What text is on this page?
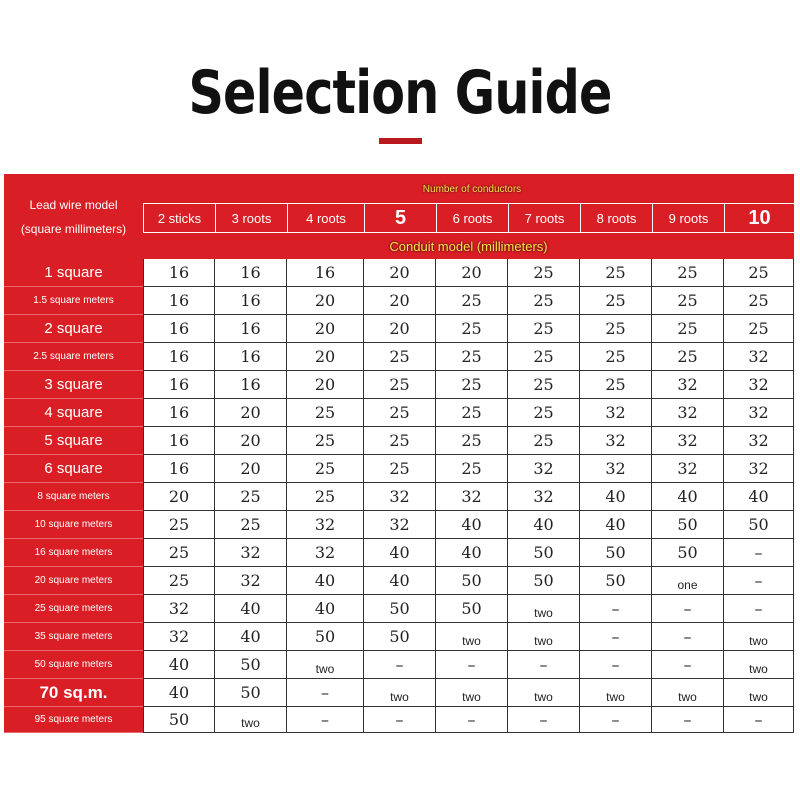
Selection Guide
Lead wire model
(square millimeters)
Number of conductors
2 sticks	3 roots	4 roots	5	6 roots	7 roots	8 roots	9 roots	10
Conduit model (millimeters)
1 square	16	16	16	20	20	25	25	25	25
1.5 square meters	16	16	20	20	25	25	25	25	25
2 square	16	16	20	20	25	25	25	25	25
2.5 square meters	16	16	20	25	25	25	25	25	32
3 square	16	16	20	25	25	25	25	32	32
4 square	16	20	25	25	25	25	32	32	32
5 square	16	20	25	25	25	25	32	32	32
6 square	16	20	25	25	25	32	32	32	32
8 square meters	20	25	25	32	32	32	40	40	40
10 square meters	25	25	32	32	40	40	40	50	50
16 square meters	25	32	32	40	40	50	50	50	–
20 square meters	25	32	40	40	50	50	50	one	–
25 square meters	32	40	40	50	50	two	–	–	–
35 square meters	32	40	50	50	two	two	–	–	two
50 square meters	40	50	two	–	–	–	–	–	two
70 sq.m.	40	50	–	two	two	two	two	two	two
95 square meters	50	two	–	–	–	–	–	–	–
